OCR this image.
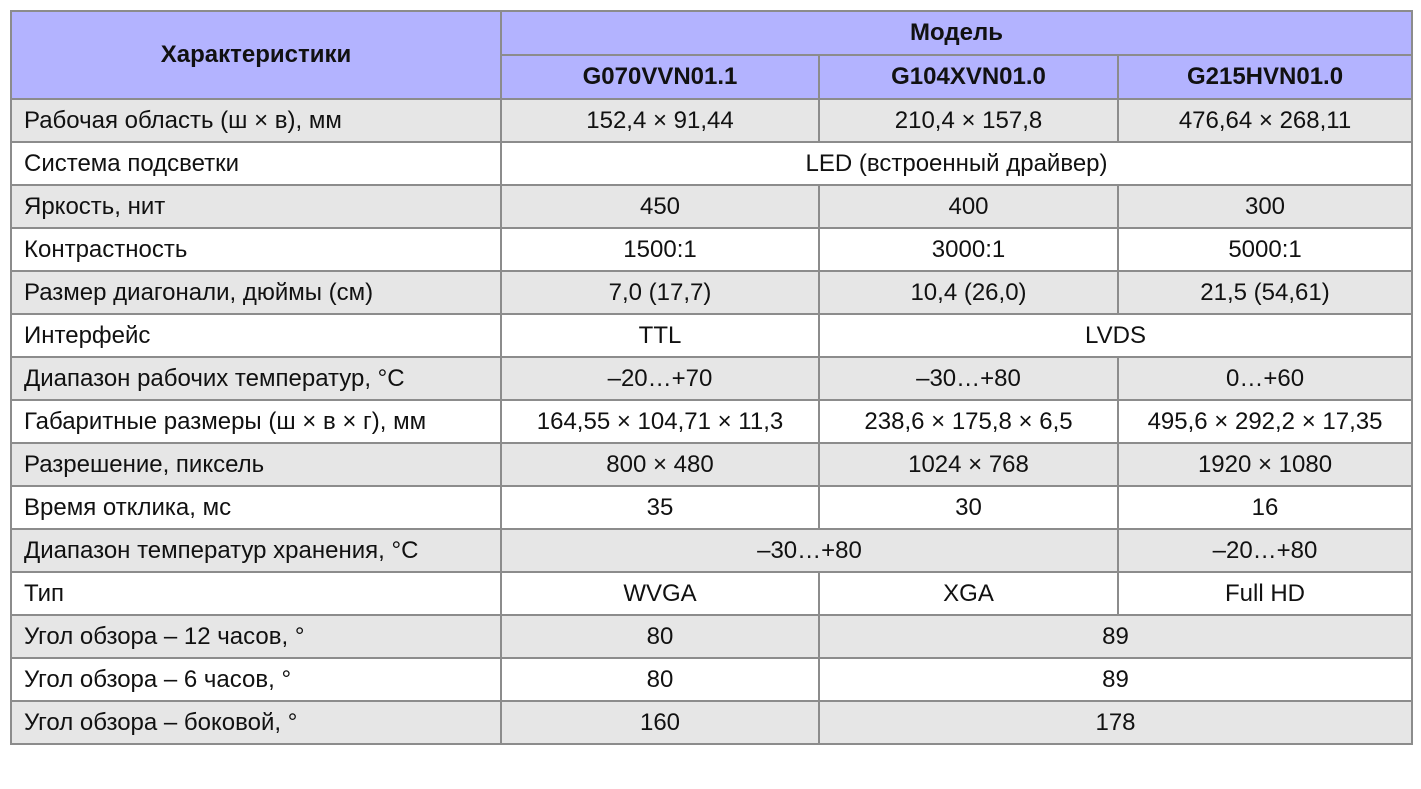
Характеристики	Модель		
	G070VVN01.1	G104XVN01.0	G215HVN01.0
Рабочая область (ш × в), мм	152,4 × 91,44	210,4 × 157,8	476,64 × 268,11
Система подсветки	LED (встроенный драйвер)		
Яркость, нит	450	400	300
Контрастность	1500:1	3000:1	5000:1
Размер диагонали, дюймы (см)	7,0 (17,7)	10,4 (26,0)	21,5 (54,61)
Интерфейс	TTL	LVDS	
Диапазон рабочих температур, °С	–20…+70	–30…+80	0…+60
Габаритные размеры (ш × в × г), мм	164,55 × 104,71 × 11,3	238,6 × 175,8 × 6,5	495,6 × 292,2 × 17,35
Разрешение, пиксель	800 × 480	1024 × 768	1920 × 1080
Время отклика, мс	35	30	16
Диапазон температур хранения, °С	–30…+80		–20…+80
Тип	WVGA	XGA	Full HD
Угол обзора – 12 часов, °	80	89	
Угол обзора – 6 часов, °	80	89	
Угол обзора – боковой, °	160	178	
